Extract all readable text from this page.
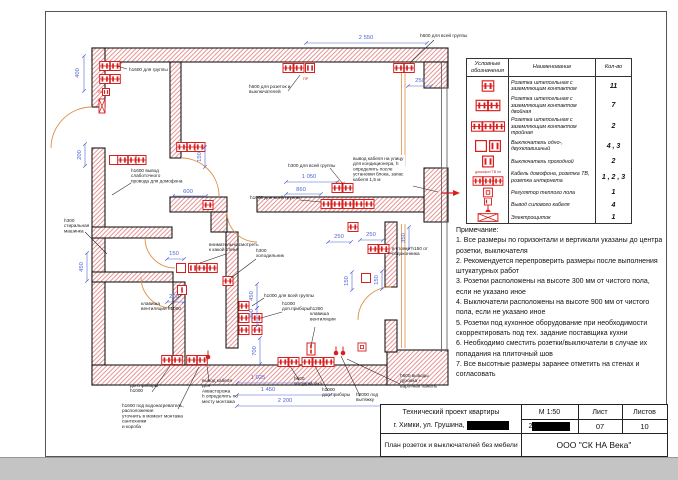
2 550
400
250
200	150
600
1 050
860
250	250	350
450
150
200	450
400
700
150	150
1 025
1 450
2 200
h1600 для группы
h600 для розеток и выключателей
h600 для всей группы
h1600 вывод слаботочного провода для домофона
h300 стиральная машинка
h300 для всей группы
h1600 для всей группы
вывод кабеля на улицу для кондиционера, h определить после установки блока, запас кабеля 1,5 м
внимательно смотреть к какой стене	h300 холодильник
клавиша вентиляции h1000
h1000 для всей группы
h1000 доп.приборы h1250 клавиша вентиляции
в стояке h150 от подоконника
доп.приборы h1000
h1600 под водонагреватель, расположение уточнить в момент монтажа сантехники и короба
вывод кабеля для Аквасторожа h определить по месту монтажа
h600 посудомойка
h1000 доп.приборы h2000 под вытяжку
h600 выводы духовка + варочная панель
ПР
ПР
ТВ int
ТВ
Условные обозначения
Наименование	Кол-во
Розетка штепсельная с заземляющим контактом	11
Розетка штепсельная с заземляющим контактом двойная
7
Розетка штепсельная с заземляющим контактом тройная
2
Выключатель одно-, двухклавишный	4 , 3
Выключатель проходной	2
домофон ТВ int	Кабель домофона, розетка ТВ, розетка интернета	1 , 2 , 3
Регулятор теплого пола	1
Вывод силового кабеля	4
Электрощиток	1
Примечание:
1. Все размеры по горизонтали и вертикали указаны до центра розетки, выключателя
2. Рекомендуется перепроверить размеры после выполнения штукатурных работ
3. Розетки расположены на высоте 300 мм от чистого пола, если не указано иное
4. Выключатели расположены на высоте 900 мм от чистого пола, если не указано иное
5. Розетки под кухонное оборудование при необходимости скорректировать под тех. задание поставщика кухни
6. Необходимо сместить розетки/выключатели в случае их попадания на плиточный шов
7. Все высотные размеры заранее отметить на стенах и согласовать
Технический проект квартиры
г. Химки, ул. Грушина,

М 1:50	Лист	Листов
2	07	10
План розеток и выключателей без мебели	ООО "СК НА Века"
